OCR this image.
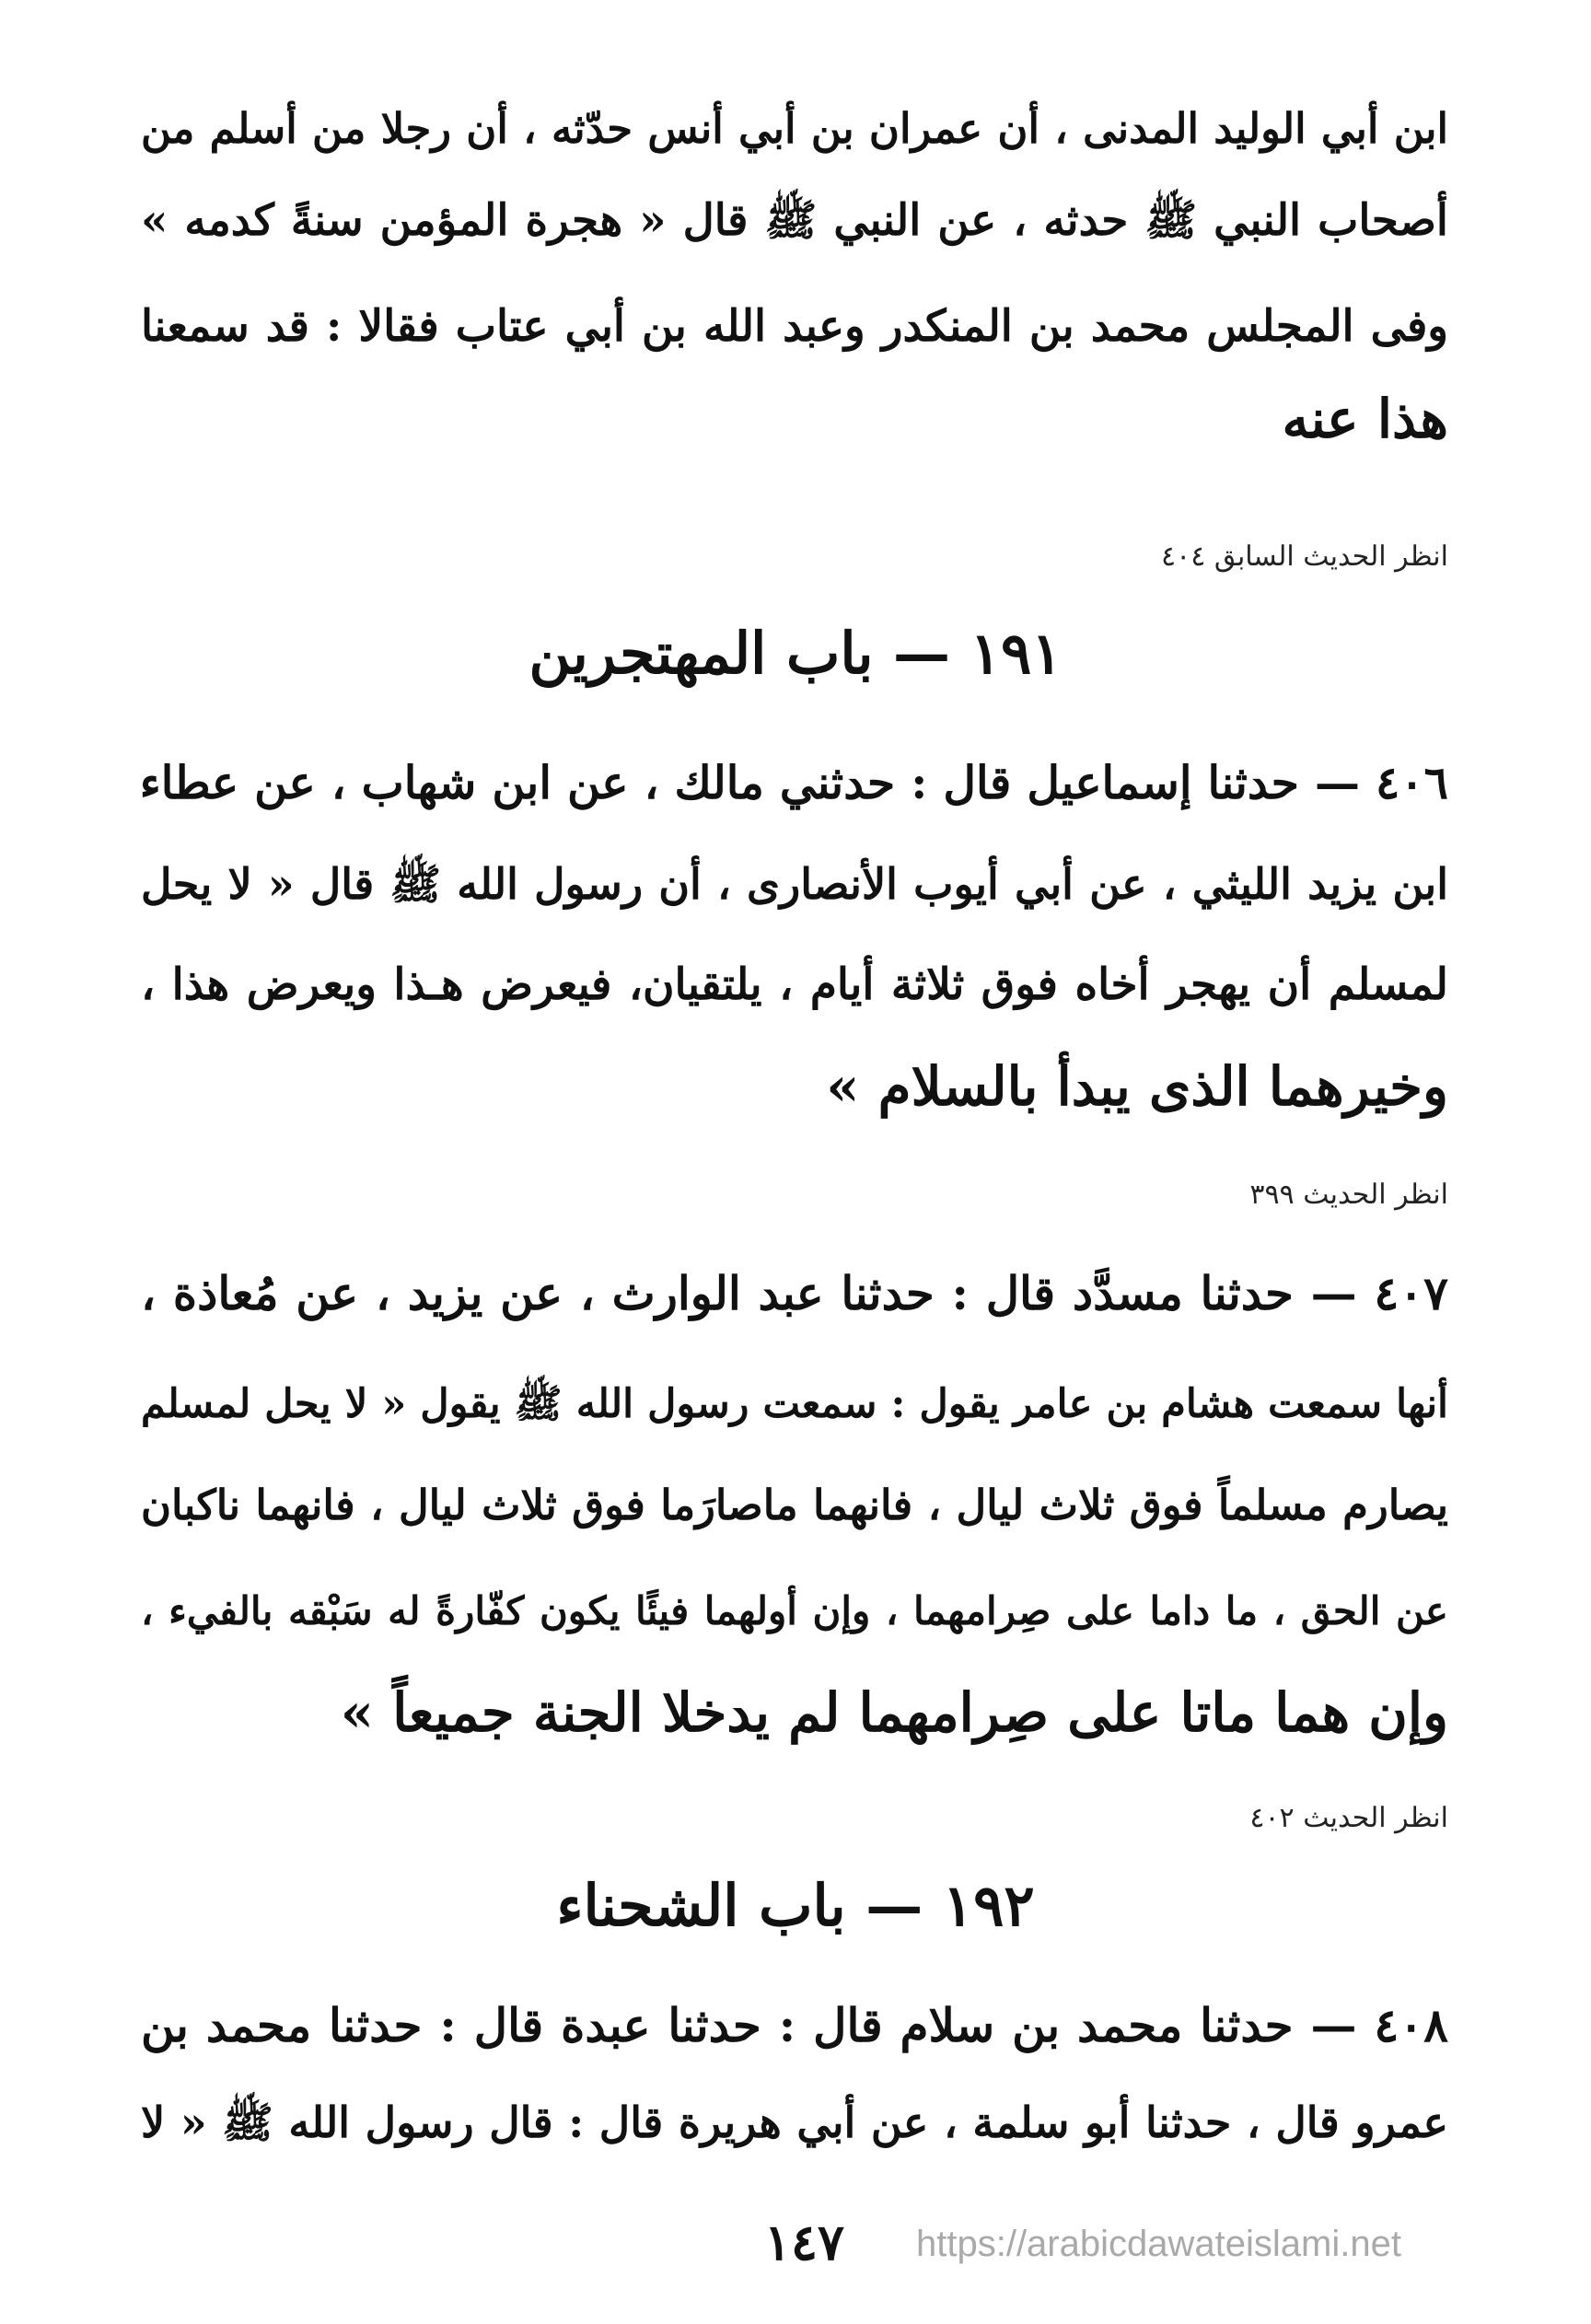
ابن أبي الوليد المدنى ، أن عمران بن أبي أنس حدّثه ، أن رجلا من أسلم من
أصحاب النبي ﷺ حدثه ، عن النبي ﷺ قال « هجرة المؤمن سنةً كدمه »
وفى المجلس محمد بن المنكدر وعبد الله بن أبي عتاب فقالا : قد سمعنا
هذا عنه
انظر الحديث السابق ٤٠٤
١٩١ — باب المهتجرين
٤٠٦ — حدثنا إسماعيل قال : حدثني مالك ، عن ابن شهاب ، عن عطاء
ابن يزيد الليثي ، عن أبي أيوب الأنصارى ، أن رسول الله ﷺ قال « لا يحل
لمسلم أن يهجر أخاه فوق ثلاثة أيام ، يلتقيان، فيعرض هـذا ويعرض هذا ،
وخيرهما الذى يبدأ بالسلام »
انظر الحديث ٣٩٩
٤٠٧ — حدثنا مسدَّد قال : حدثنا عبد الوارث ، عن يزيد ، عن مُعاذة ،
أنها سمعت هشام بن عامر يقول : سمعت رسول الله ﷺ يقول « لا يحل لمسلم
يصارم مسلماً فوق ثلاث ليال ، فانهما ماصارَما فوق ثلاث ليال ، فانهما ناكبان
عن الحق ، ما داما على صِرامهما ، وإن أولهما فيئًا يكون كفّارةً له سَبْقه بالفيء ،
وإن هما ماتا على صِرامهما لم يدخلا الجنة جميعاً »
انظر الحديث ٤٠٢
١٩٢ — باب الشحناء
٤٠٨ — حدثنا محمد بن سلام قال : حدثنا عبدة قال : حدثنا محمد بن
عمرو قال ، حدثنا أبو سلمة ، عن أبي هريرة قال : قال رسول الله ﷺ « لا
١٤٧ https://arabicdawateislami.net
